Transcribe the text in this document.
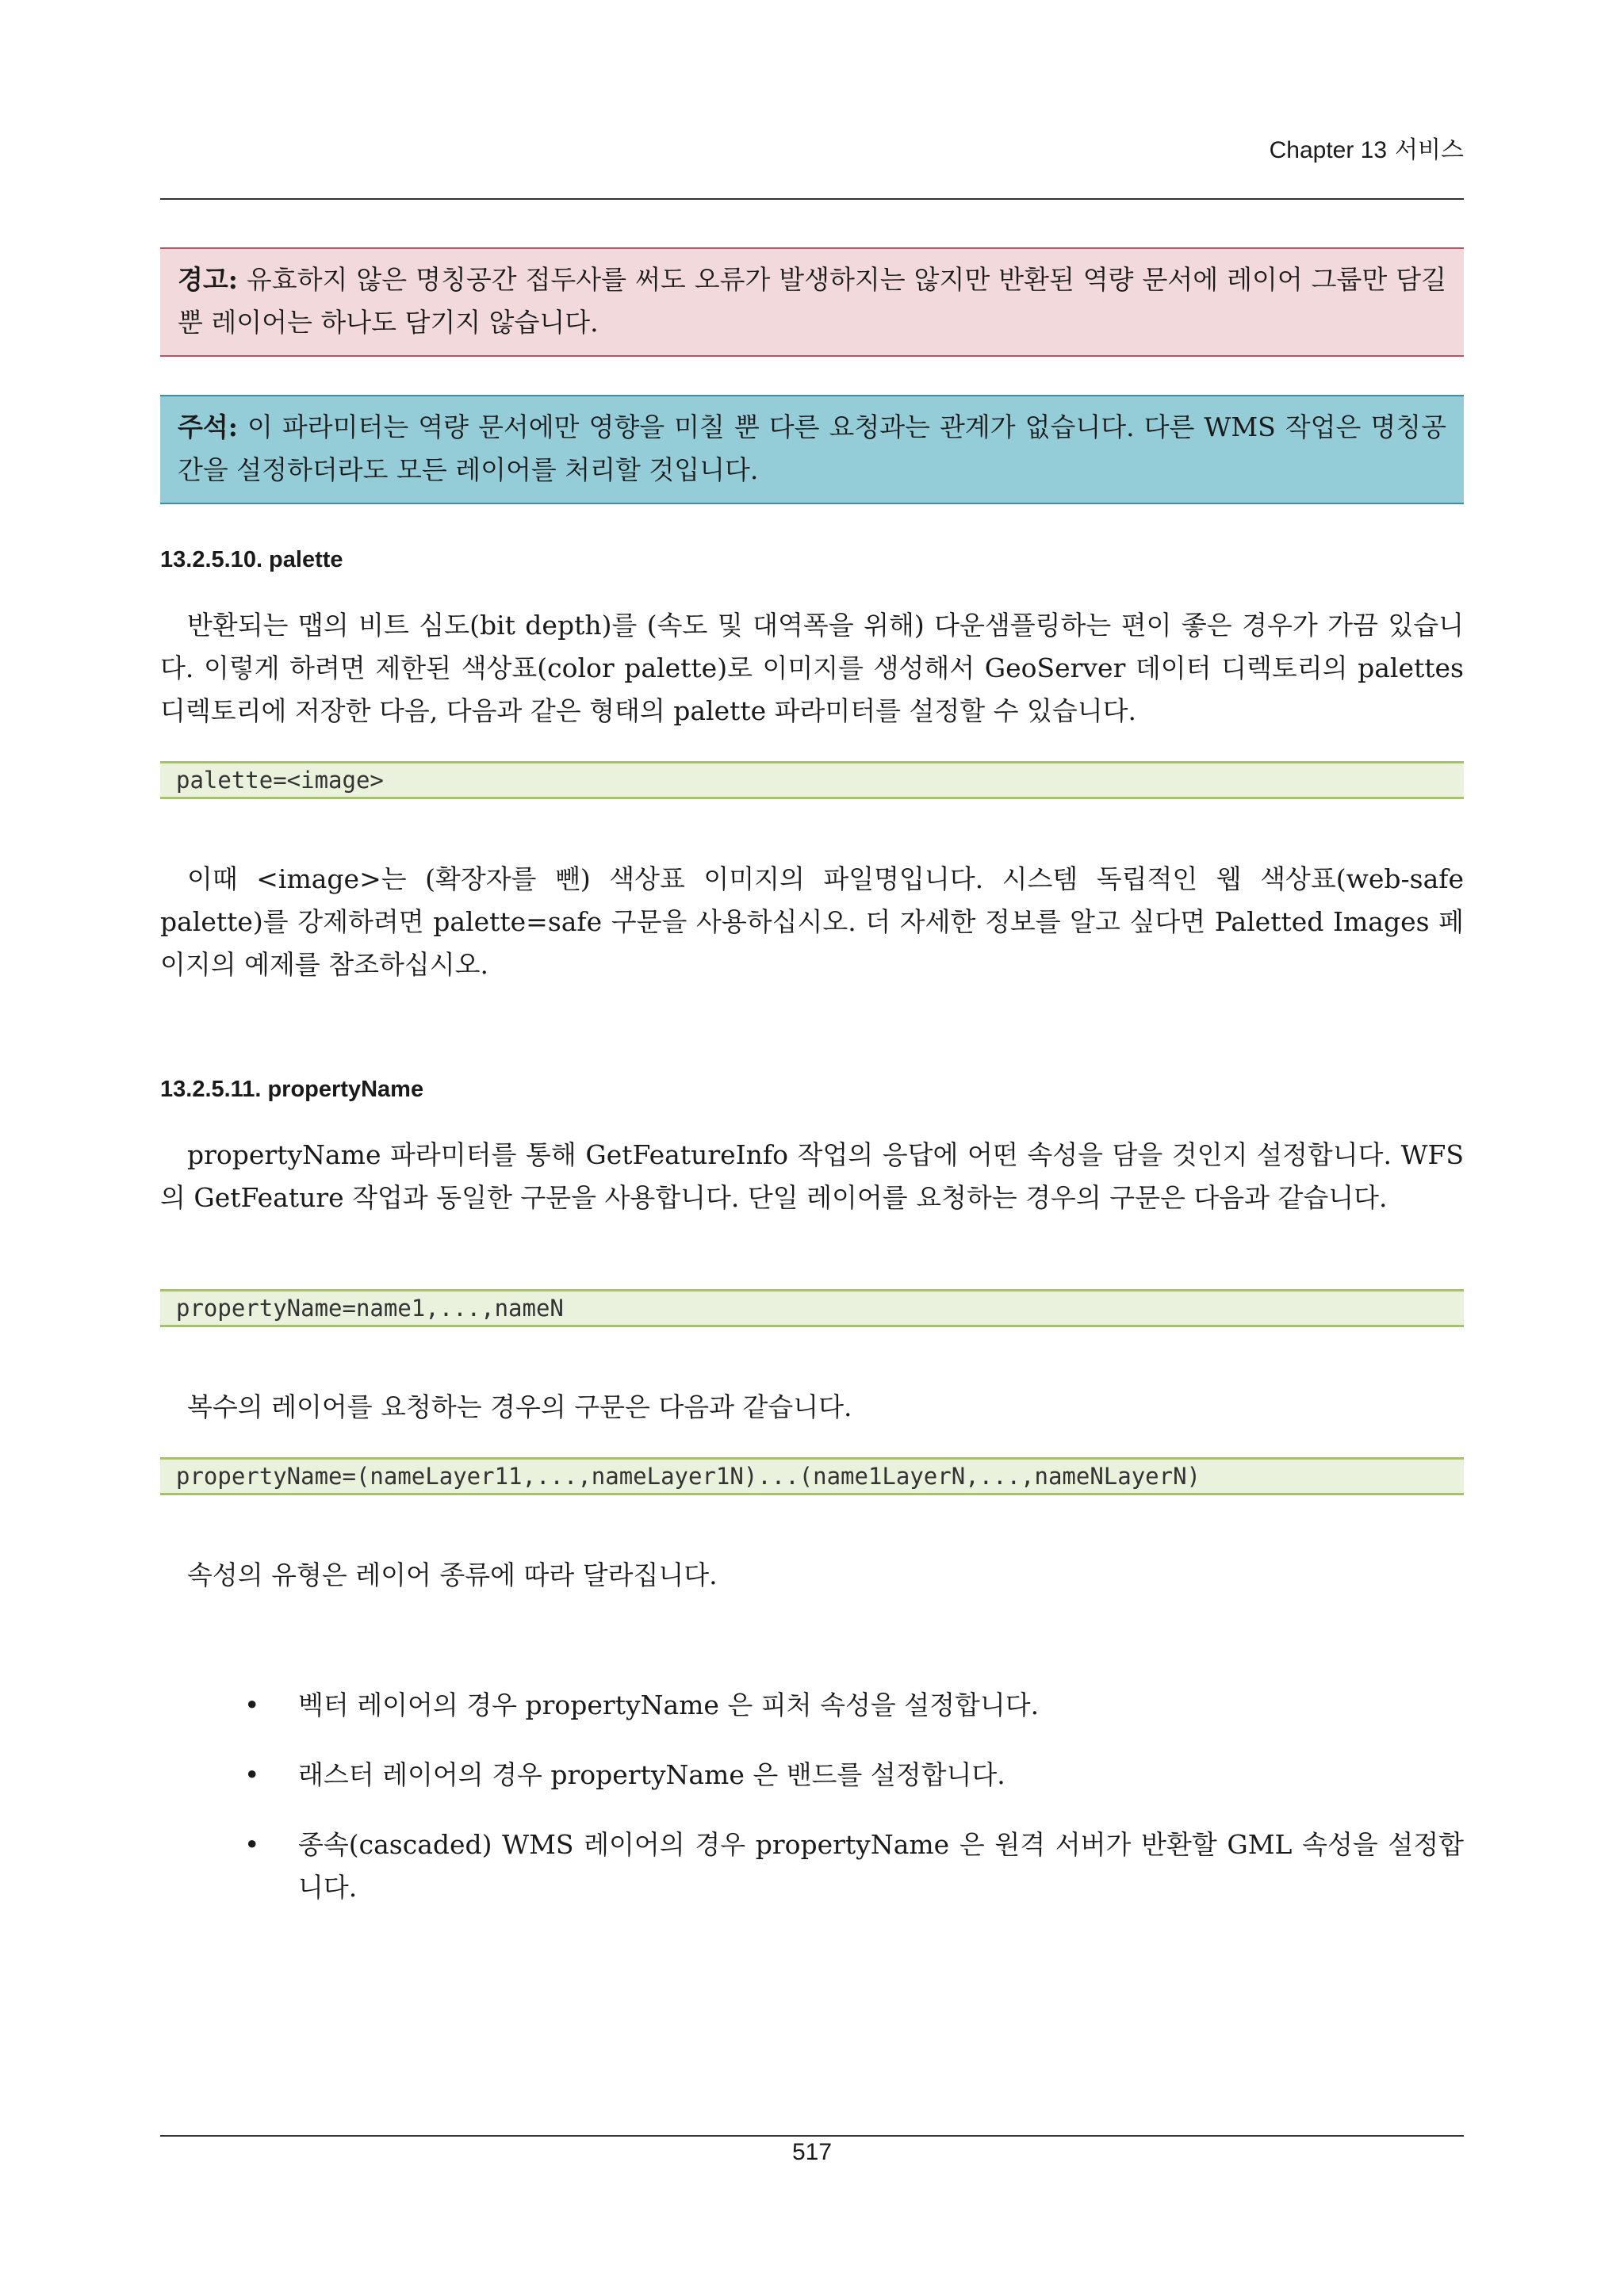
Chapter 13 서비스
경고: 유효하지 않은 명칭공간 접두사를 써도 오류가 발생하지는 않지만 반환된 역량 문서에 레이어 그룹만 담길 뿐 레이어는 하나도 담기지 않습니다.
주석: 이 파라미터는 역량 문서에만 영향을 미칠 뿐 다른 요청과는 관계가 없습니다. 다른 WMS 작업은 명칭공간을 설정하더라도 모든 레이어를 처리할 것입니다.
13.2.5.10. palette
반환되는 맵의 비트 심도(bit depth)를 (속도 및 대역폭을 위해) 다운샘플링하는 편이 좋은 경우가 가끔 있습니다. 이렇게 하려면 제한된 색상표(color palette)로 이미지를 생성해서 GeoServer 데이터 디렉토리의 palettes 디렉토리에 저장한 다음, 다음과 같은 형태의 palette 파라미터를 설정할 수 있습니다.
palette=<image>
이때 <image>는 (확장자를 뺀) 색상표 이미지의 파일명입니다. 시스템 독립적인 웹 색상표(web-safe palette)를 강제하려면 palette=safe 구문을 사용하십시오. 더 자세한 정보를 알고 싶다면 Paletted Images 페이지의 예제를 참조하십시오.
13.2.5.11. propertyName
propertyName 파라미터를 통해 GetFeatureInfo 작업의 응답에 어떤 속성을 담을 것인지 설정합니다. WFS 의 GetFeature 작업과 동일한 구문을 사용합니다. 단일 레이어를 요청하는 경우의 구문은 다음과 같습니다.
propertyName=name1,...,nameN
복수의 레이어를 요청하는 경우의 구문은 다음과 같습니다.
propertyName=(nameLayer11,...,nameLayer1N)...(name1LayerN,...,nameNLayerN)
속성의 유형은 레이어 종류에 따라 달라집니다.
• 벡터 레이어의 경우 propertyName 은 피처 속성을 설정합니다.
• 래스터 레이어의 경우 propertyName 은 밴드를 설정합니다.
• 종속(cascaded) WMS 레이어의 경우 propertyName 은 원격 서버가 반환할 GML 속성을 설정합니다.
517
